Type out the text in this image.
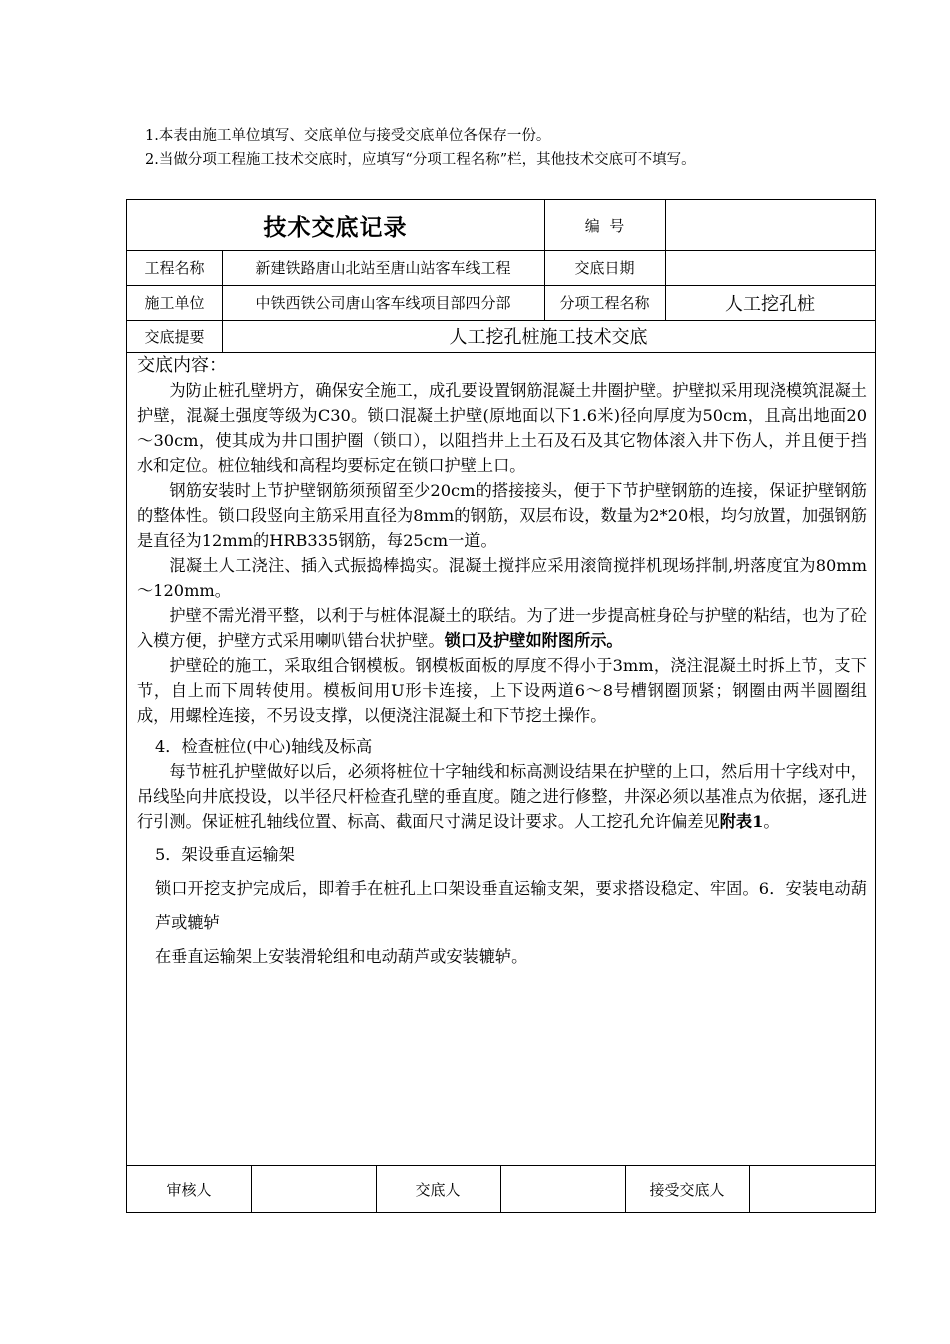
1.本表由施工单位填写、交底单位与接受交底单位各保存一份。
2.当做分项工程施工技术交底时，应填写“分项工程名称”栏，其他技术交底可不填写。
技术交底记录	编  号
工程名称	新建铁路唐山北站至唐山站客车线工程	交底日期
施工单位	中铁西铁公司唐山客车线项目部四分部	分项工程名称	人工挖孔桩
交底提要	人工挖孔桩施工技术交底
交底内容：

为防止桩孔壁坍方，确保安全施工，成孔要设置钢筋混凝土井圈护壁。护壁拟采用现浇模筑混凝土护壁，混凝土强度等级为C30。锁口混凝土护壁(原地面以下1.6米)径向厚度为50cm，且高出地面20～30cm，使其成为井口围护圈（锁口），以阻挡井上土石及石及其它物体滚入井下伤人，并且便于挡水和定位。桩位轴线和高程均要标定在锁口护壁上口。

钢筋安装时上节护壁钢筋须预留至少20cm的搭接接头，便于下节护壁钢筋的连接，保证护壁钢筋的整体性。锁口段竖向主筋采用直径为8mm的钢筋，双层布设，数量为2*20根，均匀放置，加强钢筋是直径为12mm的HRB335钢筋，每25cm一道。

混凝土人工浇注、插入式振捣棒捣实。混凝土搅拌应采用滚筒搅拌机现场拌制,坍落度宜为80mm～120mm。

护壁不需光滑平整，以利于与桩体混凝土的联结。为了进一步提高桩身砼与护壁的粘结，也为了砼入模方便，护壁方式采用喇叭错台状护壁。锁口及护壁如附图所示。

护壁砼的施工，采取组合钢模板。钢模板面板的厚度不得小于3mm，浇注混凝土时拆上节，支下节，自上而下周转使用。模板间用U形卡连接，上下设两道6～8号槽钢圈顶紧；钢圈由两半圆圈组成，用螺栓连接，不另设支撑，以便浇注混凝土和下节挖土操作。

4．检查桩位(中心)轴线及标高

每节桩孔护壁做好以后，必须将桩位十字轴线和标高测设结果在护壁的上口，然后用十字线对中，吊线坠向井底投设，以半径尺杆检查孔壁的垂直度。随之进行修整，井深必须以基准点为依据，逐孔进行引测。保证桩孔轴线位置、标高、截面尺寸满足设计要求。人工挖孔允许偏差见附表1。

5．架设垂直运输架

锁口开挖支护完成后，即着手在桩孔上口架设垂直运输支架，要求搭设稳定、牢固。6．安装电动葫芦或辘轳

在垂直运输架上安装滑轮组和电动葫芦或安装辘轳。

审核人	交底人	接受交底人
